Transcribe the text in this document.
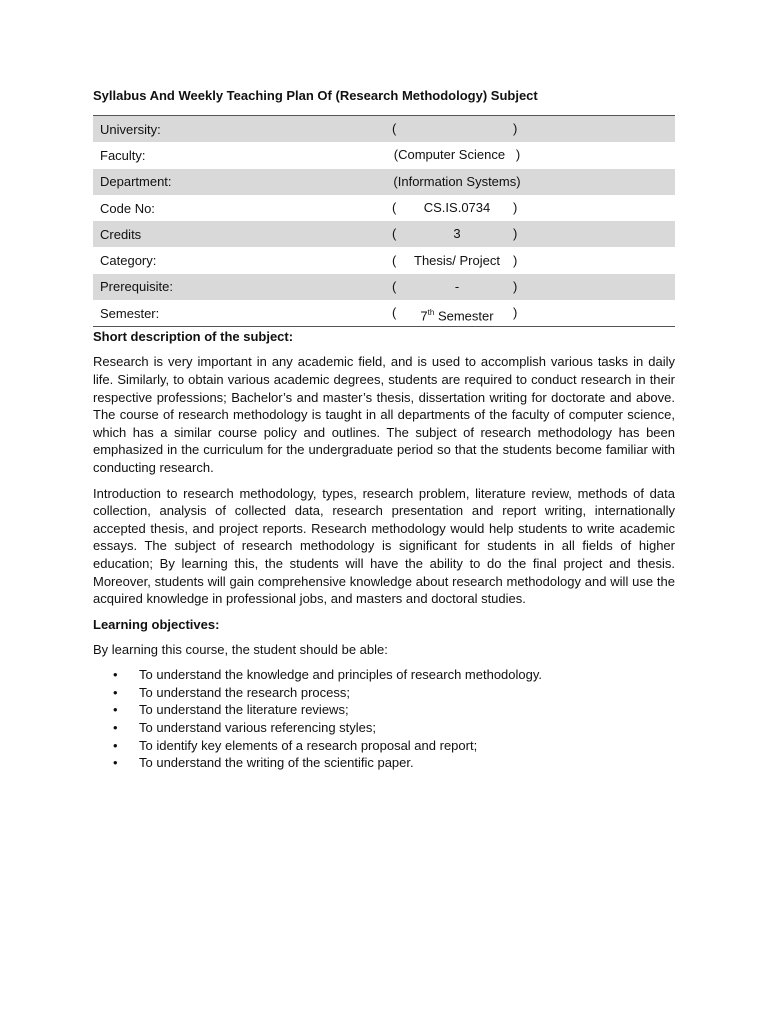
Syllabus And Weekly Teaching Plan Of (Research Methodology) Subject
University:	( )

Faculty:	(Computer Science   )

Department:	(Information Systems)

Code No:	( CS.IS.0734 )

Credits	( 3 )

Category:	( Thesis/ Project )

Prerequisite:	( - )

Semester:	( 7th Semester )
Short description of the subject:

Research is very important in any academic field, and is used to accomplish various tasks in daily life. Similarly, to obtain various academic degrees, students are required to conduct research in their respective professions; Bachelor’s and master’s thesis, dissertation writing for doctorate and above. The course of research methodology is taught in all departments of the faculty of computer science, which has a similar course policy and outlines. The subject of research methodology has been emphasized in the curriculum for the undergraduate period so that the students become familiar with conducting research.

Introduction to research methodology, types, research problem, literature review, methods of data collection, analysis of collected data, research presentation and report writing, internationally accepted thesis, and project reports. Research methodology would help students to write academic essays. The subject of research methodology is significant for students in all fields of higher education; By learning this, the students will have the ability to do the final project and thesis. Moreover, students will gain comprehensive knowledge about research methodology and will use the acquired knowledge in professional jobs, and masters and doctoral studies.

Learning objectives:

By learning this course, the student should be able:

• To understand the knowledge and principles of research methodology.
• To understand the research process;
• To understand the literature reviews;
• To understand various referencing styles;
• To identify key elements of a research proposal and report;
• To understand the writing of the scientific paper.
